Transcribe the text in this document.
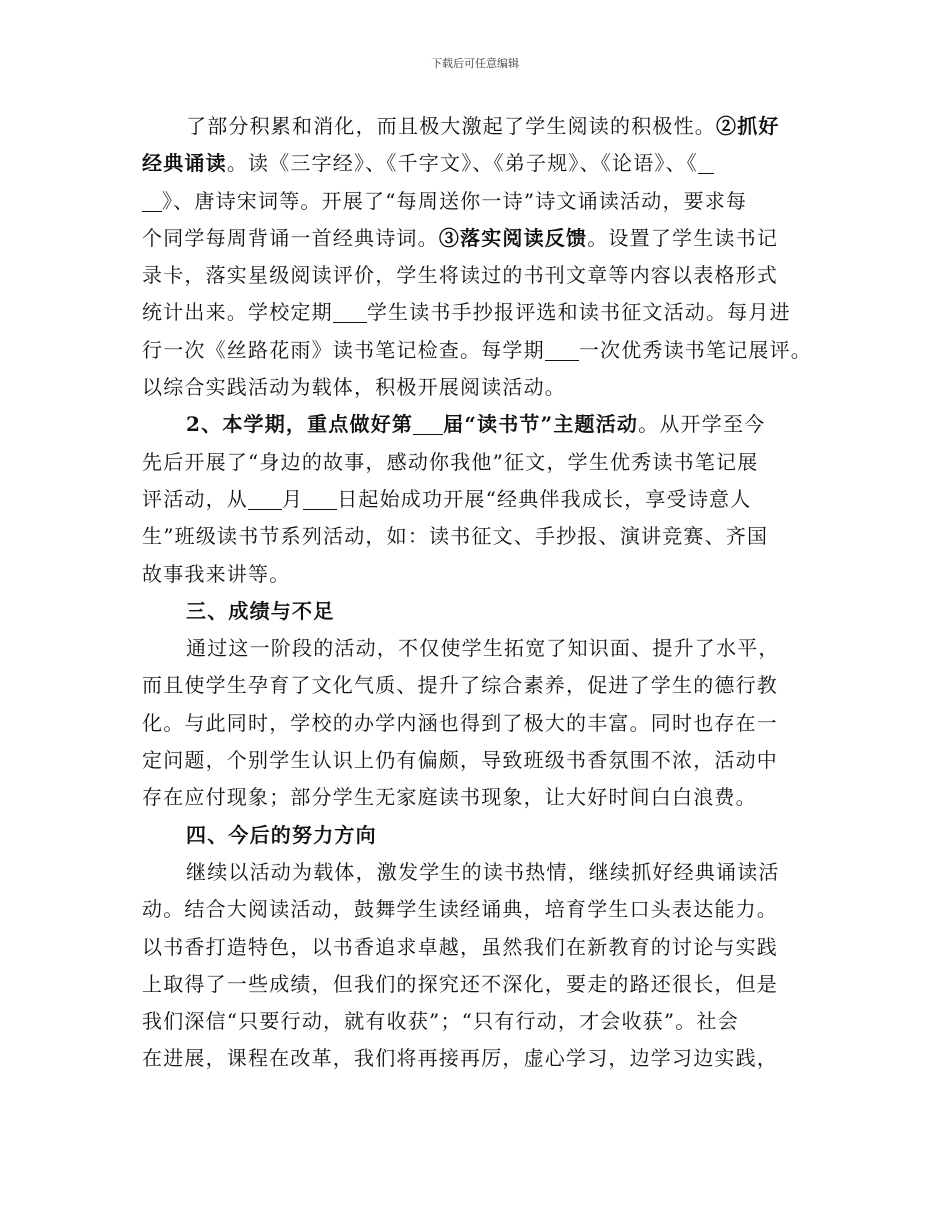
下载后可任意编辑
了部分积累和消化，而且极大激起了学生阅读的积极性。②抓好
经典诵读。读《三字经》、《千字文》、《弟子规》、《论语》、《
》、唐诗宋词等。开展了“每周送你一诗”诗文诵读活动，要求每
个同学每周背诵一首经典诗词。③落实阅读反馈。设置了学生读书记
录卡，落实星级阅读评价，学生将读过的书刊文章等内容以表格形式
统计出来。学校定期 学生读书手抄报评选和读书征文活动。每月进
行一次《丝路花雨》读书笔记检查。每学期 一次优秀读书笔记展评。
以综合实践活动为载体，积极开展阅读活动。
2、本学期，重点做好第 届“读书节”主题活动。从开学至今
先后开展了“身边的故事，感动你我他”征文，学生优秀读书笔记展
评活动，从 月 日起始成功开展“经典伴我成长，享受诗意人
生”班级读书节系列活动，如：读书征文、手抄报、演讲竞赛、齐国
故事我来讲等。
三、成绩与不足
通过这一阶段的活动，不仅使学生拓宽了知识面、提升了水平，
而且使学生孕育了文化气质、提升了综合素养，促进了学生的德行教
化。与此同时，学校的办学内涵也得到了极大的丰富。同时也存在一
定问题，个别学生认识上仍有偏颇，导致班级书香氛围不浓，活动中
存在应付现象；部分学生无家庭读书现象，让大好时间白白浪费。
四、今后的努力方向
继续以活动为载体，激发学生的读书热情，继续抓好经典诵读活
动。结合大阅读活动，鼓舞学生读经诵典，培育学生口头表达能力。
以书香打造特色，以书香追求卓越，虽然我们在新教育的讨论与实践
上取得了一些成绩，但我们的探究还不深化，要走的路还很长，但是
我们深信“只要行动，就有收获”；“只有行动，才会收获”。社会
在进展，课程在改革，我们将再接再厉，虚心学习，边学习边实践，
